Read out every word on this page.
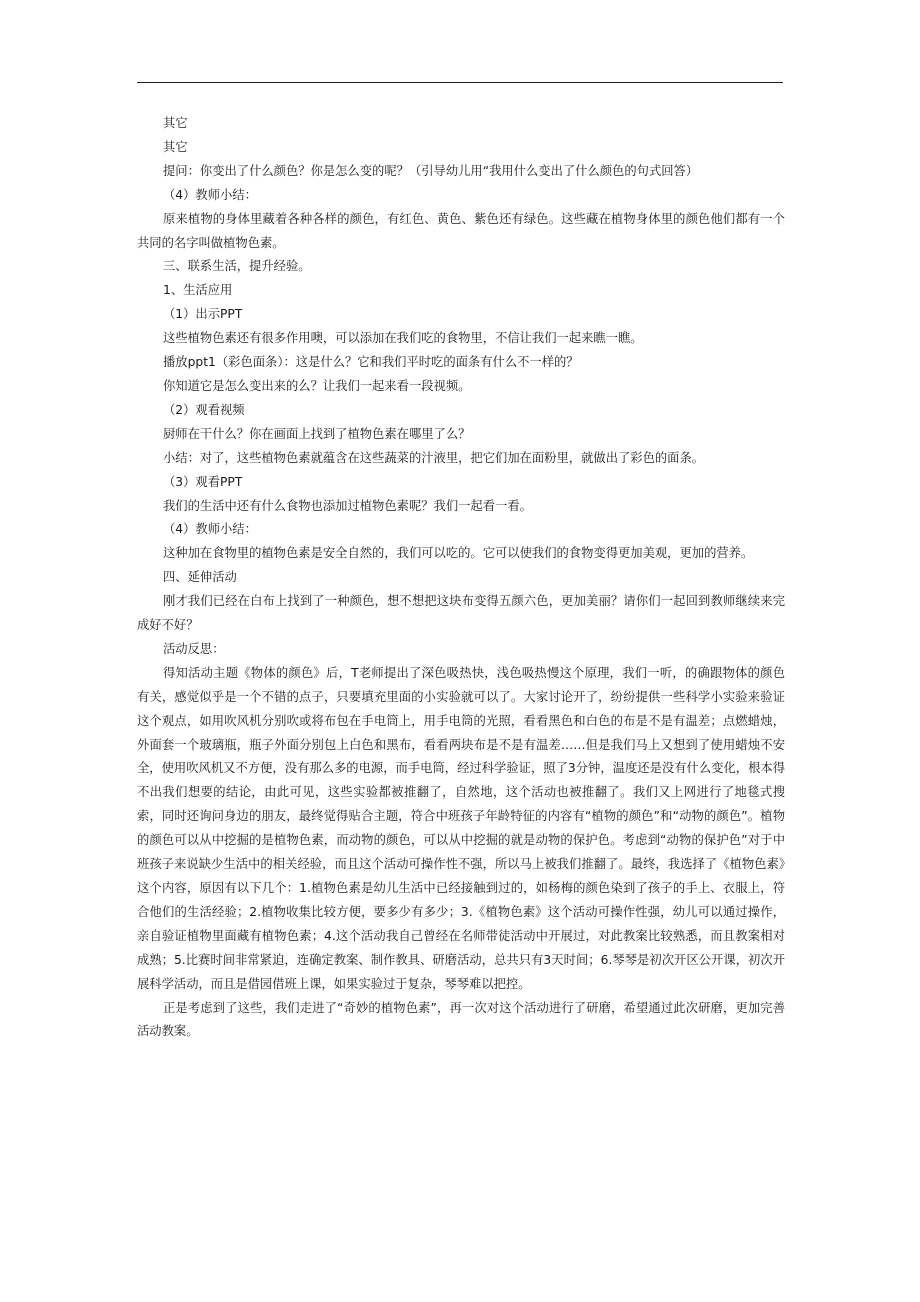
其它

其它

提问：你变出了什么颜色？你是怎么变的呢？（引导幼儿用“我用什么变出了什么颜色的句式回答）

（4）教师小结：

原来植物的身体里藏着各种各样的颜色，有红色、黄色、紫色还有绿色。这些藏在植物身体里的颜色他们都有一个共同的名字叫做植物色素。

三、联系生活，提升经验。

1、生活应用

（1）出示PPT

这些植物色素还有很多作用噢，可以添加在我们吃的食物里，不信让我们一起来瞧一瞧。

播放ppt1（彩色面条）：这是什么？它和我们平时吃的面条有什么不一样的？

你知道它是怎么变出来的么？让我们一起来看一段视频。

（2）观看视频

厨师在干什么？你在画面上找到了植物色素在哪里了么？

小结：对了，这些植物色素就蕴含在这些蔬菜的汁液里，把它们加在面粉里，就做出了彩色的面条。

（3）观看PPT

我们的生活中还有什么食物也添加过植物色素呢？我们一起看一看。

（4）教师小结：

这种加在食物里的植物色素是安全自然的，我们可以吃的。它可以使我们的食物变得更加美观，更加的营养。

四、延伸活动

刚才我们已经在白布上找到了一种颜色，想不想把这块布变得五颜六色，更加美丽？请你们一起回到教师继续来完成好不好？

活动反思：

得知活动主题《物体的颜色》后，T老师提出了深色吸热快，浅色吸热慢这个原理，我们一听，的确跟物体的颜色有关，感觉似乎是一个不错的点子，只要填充里面的小实验就可以了。大家讨论开了，纷纷提供一些科学小实验来验证这个观点，如用吹风机分别吹或将布包在手电筒上，用手电筒的光照，看看黑色和白色的布是不是有温差；点燃蜡烛，外面套一个玻璃瓶，瓶子外面分别包上白色和黑布，看看两块布是不是有温差……但是我们马上又想到了使用蜡烛不安全，使用吹风机又不方便，没有那么多的电源，而手电筒，经过科学验证，照了3分钟，温度还是没有什么变化，根本得不出我们想要的结论，由此可见，这些实验都被推翻了，自然地，这个活动也被推翻了。我们又上网进行了地毯式搜索，同时还询问身边的朋友，最终觉得贴合主题，符合中班孩子年龄特征的内容有“植物的颜色”和“动物的颜色”。植物的颜色可以从中挖掘的是植物色素，而动物的颜色，可以从中挖掘的就是动物的保护色。考虑到“动物的保护色”对于中班孩子来说缺少生活中的相关经验，而且这个活动可操作性不强，所以马上被我们推翻了。最终，我选择了《植物色素》这个内容，原因有以下几个：1.植物色素是幼儿生活中已经接触到过的，如杨梅的颜色染到了孩子的手上、衣服上，符合他们的生活经验；2.植物收集比较方便，要多少有多少；3.《植物色素》这个活动可操作性强，幼儿可以通过操作，亲自验证植物里面藏有植物色素；4.这个活动我自己曾经在名师带徒活动中开展过，对此教案比较熟悉，而且教案相对成熟；5.比赛时间非常紧迫，连确定教案、制作教具、研磨活动，总共只有3天时间；6.琴琴是初次开区公开课，初次开展科学活动，而且是借园借班上课，如果实验过于复杂，琴琴难以把控。

正是考虑到了这些，我们走进了“奇妙的植物色素”，再一次对这个活动进行了研磨，希望通过此次研磨，更加完善活动教案。
